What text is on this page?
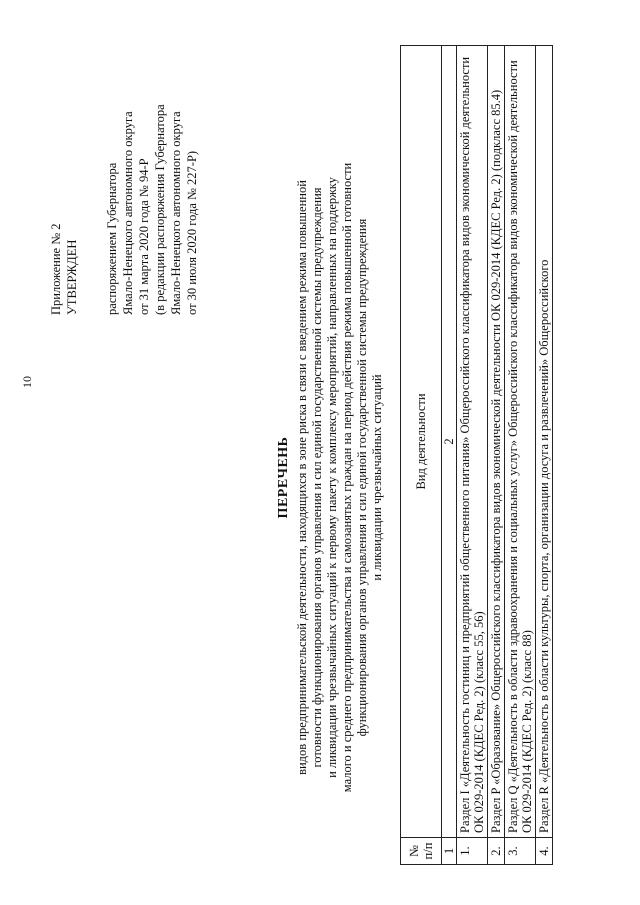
10
Приложение № 2 УТВЕРЖДЕН распоряжением Губернатора Ямало-Ненецкого автономного округа от 31 марта 2020 года № 94-Р (в редакции распоряжения Губернатора Ямало-Ненецкого автономного округа от 30 июля 2020 года № 227-Р)
ПЕРЕЧЕНЬ видов предпринимательской деятельности, находящихся в зоне риска в связи с введением режима повышенной готовности функционирования органов управления и сил единой государственной системы предупреждения и ликвидации чрезвычайных ситуаций к первому пакету к комплексу мероприятий, направленных на поддержку малого и среднего предпринимательства и самозанятых граждан на период действия режима повышенной готовности функционирования органов управления и сил единой государственной системы предупреждения и ликвидации чрезвычайных ситуаций
№ п/п	Вид деятельности
1	2
1.	Раздел I «Деятельность гостиниц и предприятий общественного питания» Общероссийского классификатора видов экономической деятельности ОК 029-2014 (КДЕС Ред. 2) (класс 55, 56)
2.	Раздел P «Образование» Общероссийского классификатора видов экономической деятельности ОК 029-2014 (КДЕС Ред. 2) (подкласс 85.4)
3.	Раздел Q «Деятельность в области здравоохранения и социальных услуг» Общероссийского классификатора видов экономической деятельности ОК 029-2014 (КДЕС Ред. 2) (класс 88)
4.	Раздел R «Деятельность в области культуры, спорта, организации досуга и развлечений» Общероссийского
